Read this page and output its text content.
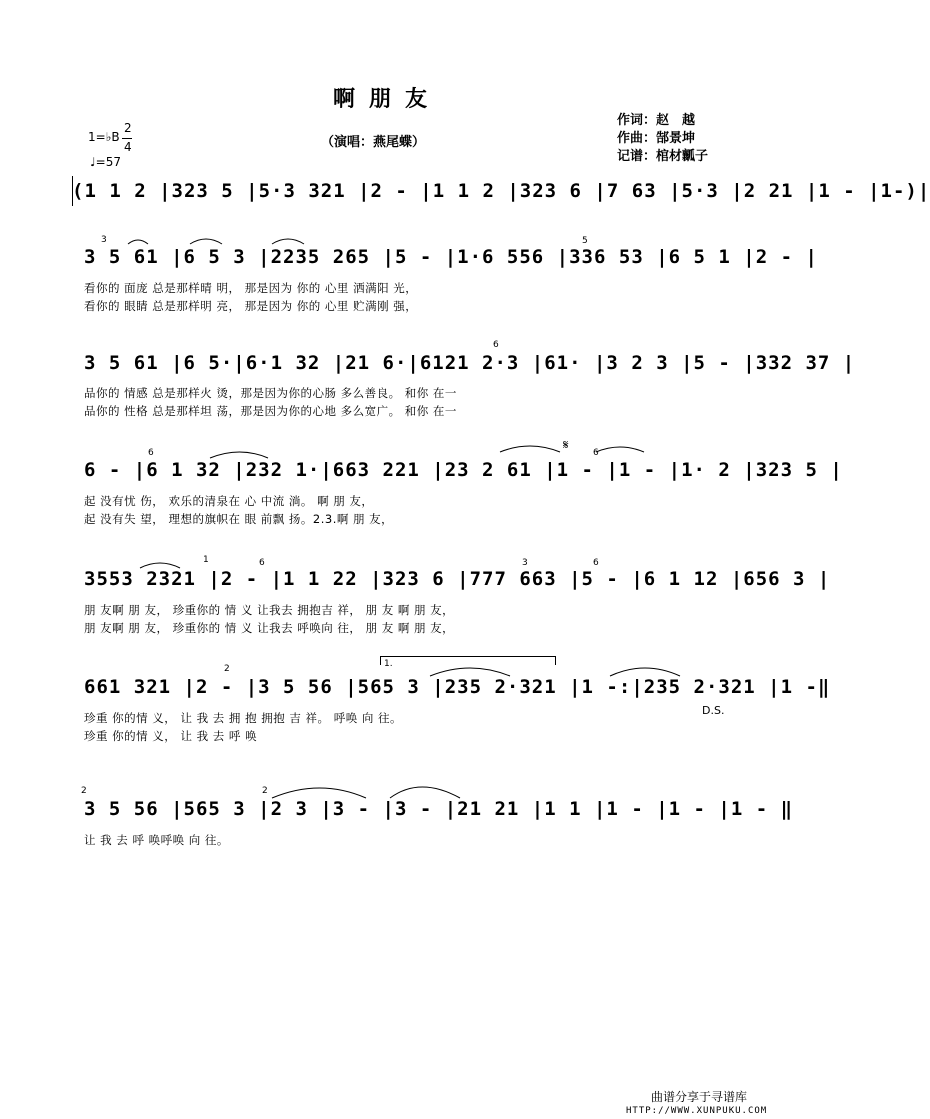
啊朋友
（演唱：燕尾蝶）
作词：赵　越
作曲：郜景坤
记谱：棺材瓤子
1=♭B
2
4
♩=57
(1 1 2 |323 5 |5·3 321 |2 - |1 1 2 |323 6 |7 63 |5·3 |2 21 |1 - |1-)|
3 5 61 |6 5 3 |2235 265 |5 - |1·6 556 |336 53 |6 5 1 |2 - |
看你的 面庞 总是那样晴 明， 那是因为 你的 心里 洒满阳 光，
看你的 眼睛 总是那样明 亮， 那是因为 你的 心里 贮满刚 强，
3	5
3 5 61 |6 5·|6·1 32 |21 6·|6121 2·3 |61· |3 2 3 |5 - |332 37 |
品你的 情感 总是那样火 烫，那是因为你的心肠 多么善良。 和你 在一
品你的 性格 总是那样坦 荡，那是因为你的心地 多么宽广。 和你 在一
6
6 - |6 1 32 |232 1·|663 221 |23 2 61 |1 - |1 - |1· 2 |323 5 |
起 没有忧 伤， 欢乐的清泉在 心 中流 淌。 啊 朋 友，
起 没有失 望， 理想的旗帜在 眼 前飘 扬。2.3.啊 朋 友，
6	6
𝄋
3553 2321 |2 - |1 1 22 |323 6 |777 663 |5 - |6 1 12 |656 3 |
朋 友啊 朋 友， 珍重你的 情 义 让我去 拥抱吉 祥， 朋 友 啊 朋 友，
朋 友啊 朋 友， 珍重你的 情 义 让我去 呼唤向 往， 朋 友 啊 朋 友，
1	6	3	6
1.
661 321 |2 - |3 5 56 |565 3 |235 2·321 |1 -:|235 2·321 |1 -‖
珍重 你的情 义， 让 我 去 拥 抱 拥抱 吉 祥。 呼唤 向 往。
珍重 你的情 义， 让 我 去 呼 唤
2
D.S.
3 5 56 |565 3 |2 3 |3 - |3 - |21 21 |1 1 |1 - |1 - |1 - ‖
让 我 去 呼 唤呼唤 向 往。
2	2
曲谱分享于寻谱库
HTTP://WWW.XUNPUKU.COM
